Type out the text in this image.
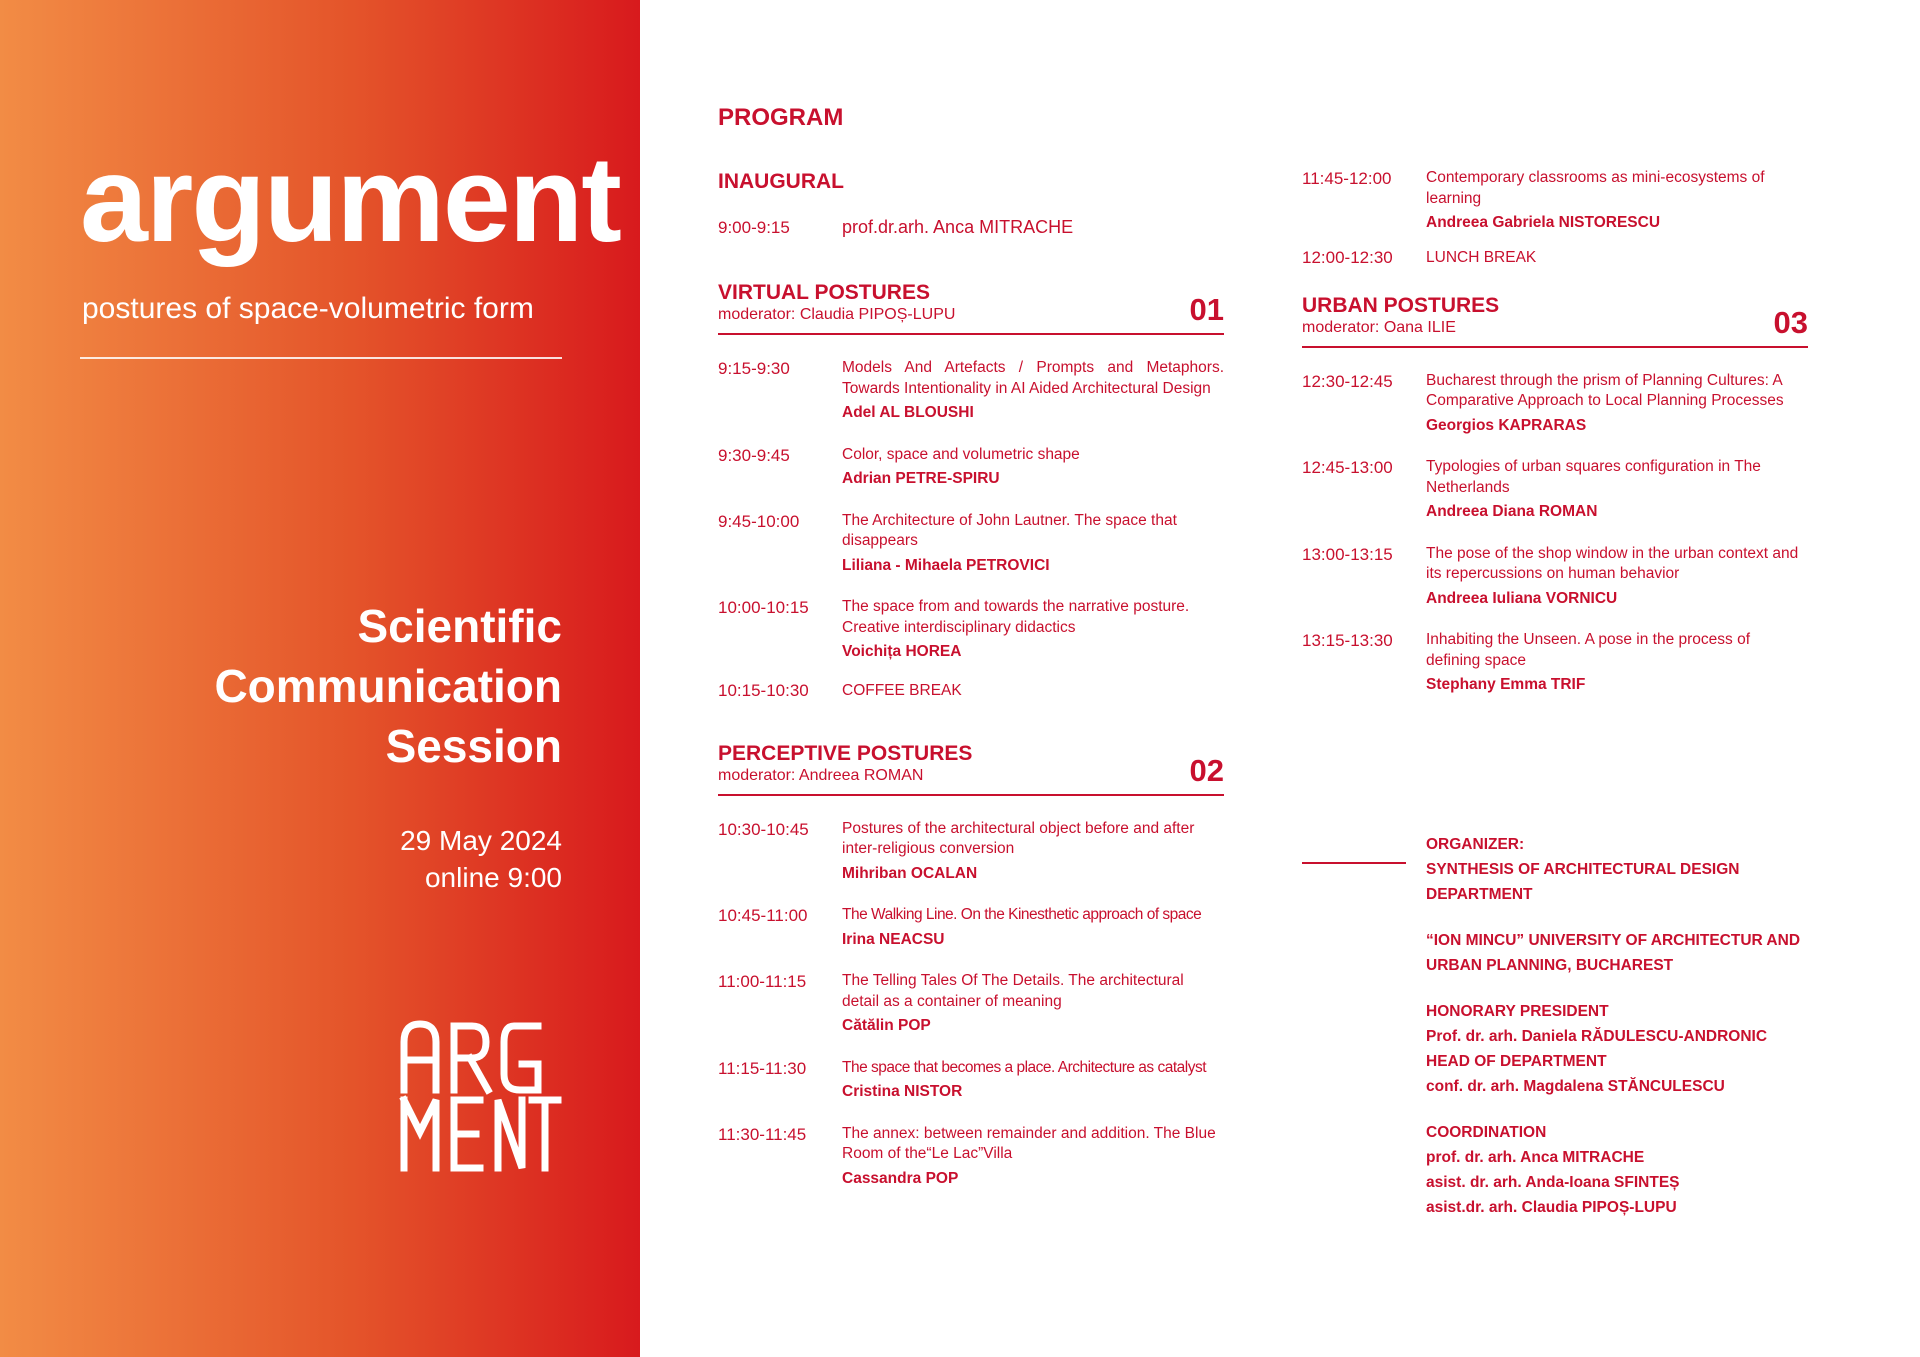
argument
postures of space-volumetric form
Scientific
Communication
Session
29 May 2024
online 9:00
PROGRAM
INAUGURAL
9:00-9:15	prof.dr.arh. Anca MITRACHE
VIRTUAL POSTURES
moderator: Claudia PIPOȘ-LUPU	01
9:15-9:30	Models And Artefacts / Prompts and Metaphors. Towards Intentionality in AI Aided Architectural Design
Adel AL BLOUSHI
9:30-9:45	Color, space and volumetric shape
Adrian PETRE-SPIRU
9:45-10:00	The Architecture of John Lautner. The space that disappears
Liliana - Mihaela PETROVICI
10:00-10:15	The space from and towards the narrative posture. Creative interdisciplinary didactics
Voichița HOREA
10:15-10:30	COFFEE BREAK
PERCEPTIVE POSTURES
moderator: Andreea ROMAN	02
10:30-10:45	Postures of the architectural object before and after inter-religious conversion
Mihriban OCALAN
10:45-11:00	The Walking Line. On the Kinesthetic approach of space
Irina NEACSU
11:00-11:15	The Telling Tales Of The Details. The architectural detail as a container of meaning
Cătălin POP
11:15-11:30	The space that becomes a place. Architecture as catalyst
Cristina NISTOR
11:30-11:45	The annex: between remainder and addition. The Blue Room of the“Le Lac”Villa
Cassandra POP
11:45-12:00	Contemporary classrooms as mini-ecosystems of learning
Andreea Gabriela NISTORESCU
12:00-12:30	LUNCH BREAK
URBAN POSTURES
moderator: Oana ILIE	03
12:30-12:45	Bucharest through the prism of Planning Cultures: A Comparative Approach to Local Planning Processes
Georgios KAPRARAS
12:45-13:00	Typologies of urban squares configuration in The Netherlands
Andreea Diana ROMAN
13:00-13:15	The pose of the shop window in the urban context and its repercussions on human behavior
Andreea Iuliana VORNICU
13:15-13:30	Inhabiting the Unseen. A pose in the process of defining space
Stephany Emma TRIF
ORGANIZER:
SYNTHESIS OF ARCHITECTURAL DESIGN
DEPARTMENT
“ION MINCU” UNIVERSITY OF ARCHITECTUR AND
URBAN PLANNING, BUCHAREST
HONORARY PRESIDENT
Prof. dr. arh. Daniela RĂDULESCU-ANDRONIC
HEAD OF DEPARTMENT
conf. dr. arh. Magdalena STĂNCULESCU
COORDINATION
prof. dr. arh. Anca MITRACHE
asist. dr. arh. Anda-Ioana SFINTEȘ
asist.dr. arh. Claudia PIPOȘ-LUPU
